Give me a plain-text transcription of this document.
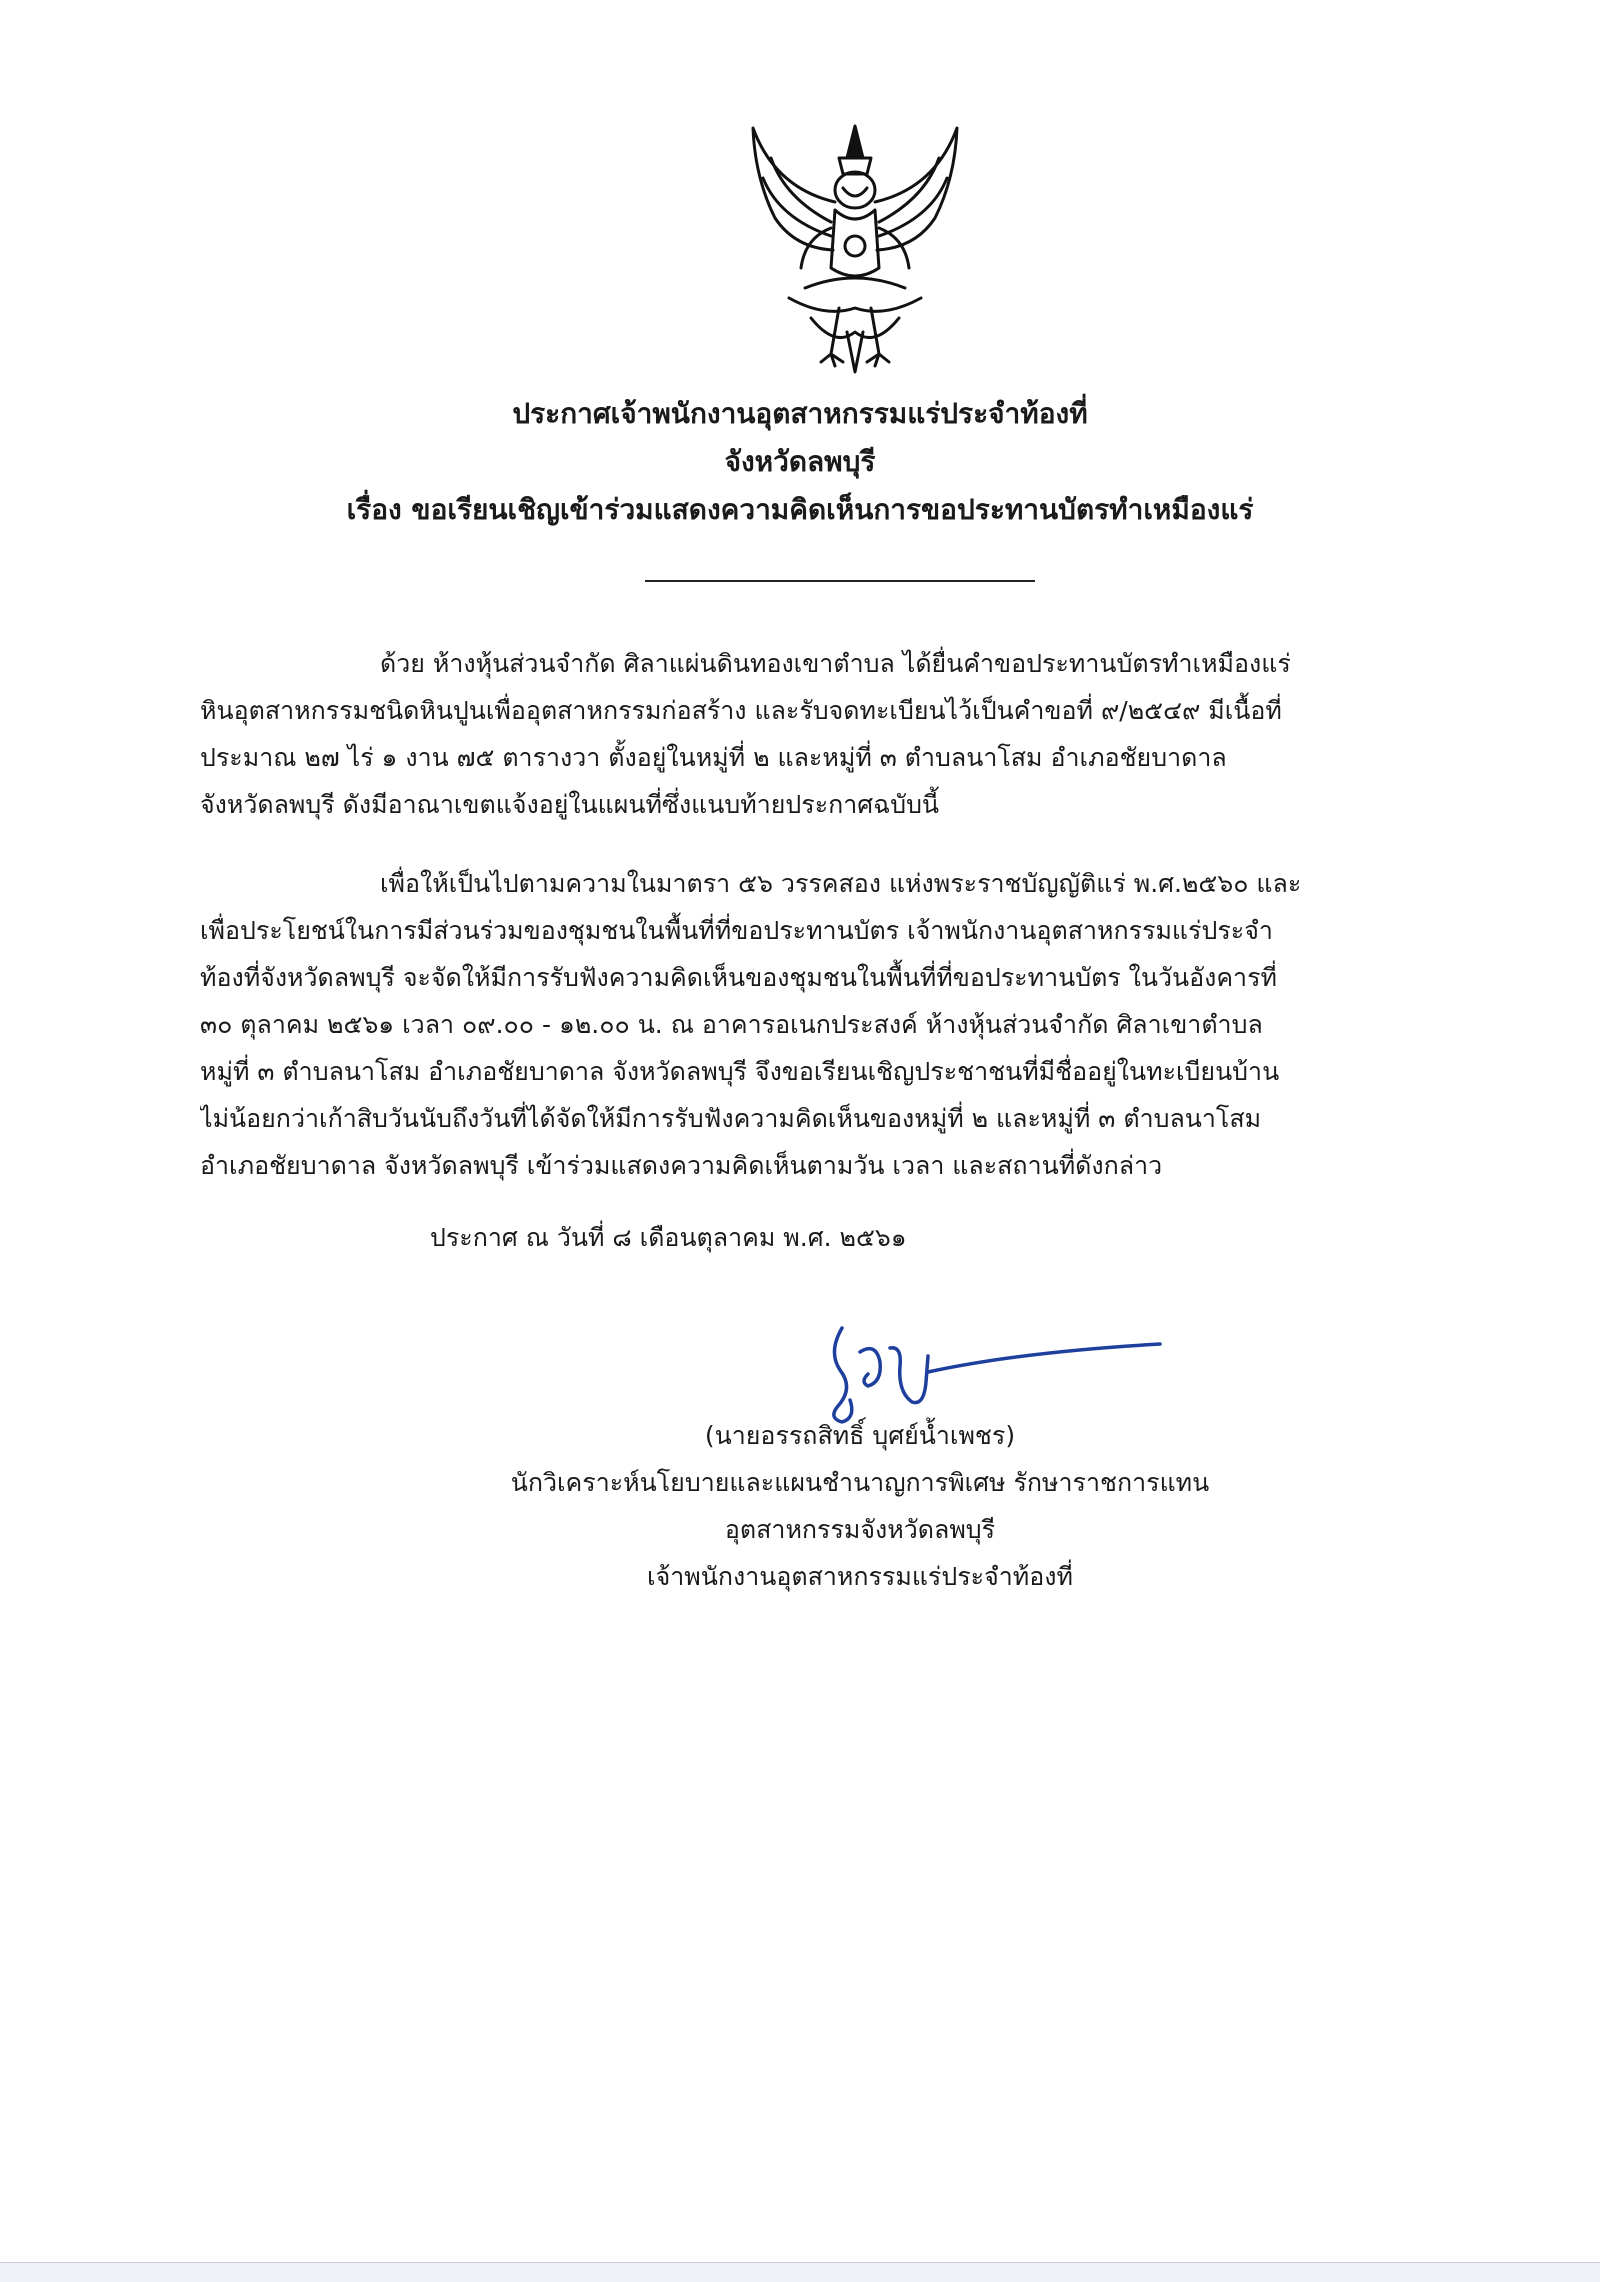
ประกาศเจ้าพนักงานอุตสาหกรรมแร่ประจำท้องที่
จังหวัดลพบุรี
เรื่อง ขอเรียนเชิญเข้าร่วมแสดงความคิดเห็นการขอประทานบัตรทำเหมืองแร่
ด้วย ห้างหุ้นส่วนจำกัด ศิลาแผ่นดินทองเขาตำบล ได้ยื่นคำขอประทานบัตรทำเหมืองแร่
หินอุตสาหกรรมชนิดหินปูนเพื่ออุตสาหกรรมก่อสร้าง และรับจดทะเบียนไว้เป็นคำขอที่ ๙/๒๕๔๙ มีเนื้อที่
ประมาณ ๒๗ ไร่ ๑ งาน ๗๕ ตารางวา ตั้งอยู่ในหมู่ที่ ๒ และหมู่ที่ ๓ ตำบลนาโสม อำเภอชัยบาดาล
จังหวัดลพบุรี ดังมีอาณาเขตแจ้งอยู่ในแผนที่ซึ่งแนบท้ายประกาศฉบับนี้
เพื่อให้เป็นไปตามความในมาตรา ๕๖ วรรคสอง แห่งพระราชบัญญัติแร่ พ.ศ.๒๕๖๐ และ
เพื่อประโยชน์ในการมีส่วนร่วมของชุมชนในพื้นที่ที่ขอประทานบัตร เจ้าพนักงานอุตสาหกรรมแร่ประจำ
ท้องที่จังหวัดลพบุรี จะจัดให้มีการรับฟังความคิดเห็นของชุมชนในพื้นที่ที่ขอประทานบัตร ในวันอังคารที่
๓๐ ตุลาคม ๒๕๖๑ เวลา ๐๙.๐๐ - ๑๒.๐๐ น. ณ อาคารอเนกประสงค์ ห้างหุ้นส่วนจำกัด ศิลาเขาตำบล
หมู่ที่ ๓ ตำบลนาโสม อำเภอชัยบาดาล จังหวัดลพบุรี จึงขอเรียนเชิญประชาชนที่มีชื่ออยู่ในทะเบียนบ้าน
ไม่น้อยกว่าเก้าสิบวันนับถึงวันที่ได้จัดให้มีการรับฟังความคิดเห็นของหมู่ที่ ๒ และหมู่ที่ ๓ ตำบลนาโสม
อำเภอชัยบาดาล จังหวัดลพบุรี เข้าร่วมแสดงความคิดเห็นตามวัน เวลา และสถานที่ดังกล่าว
ประกาศ ณ วันที่ ๘ เดือนตุลาคม พ.ศ. ๒๕๖๑
(นายอรรถสิทธิ์ บุศย์น้ำเพชร)
นักวิเคราะห์นโยบายและแผนชำนาญการพิเศษ รักษาราชการแทน
อุตสาหกรรมจังหวัดลพบุรี
เจ้าพนักงานอุตสาหกรรมแร่ประจำท้องที่
